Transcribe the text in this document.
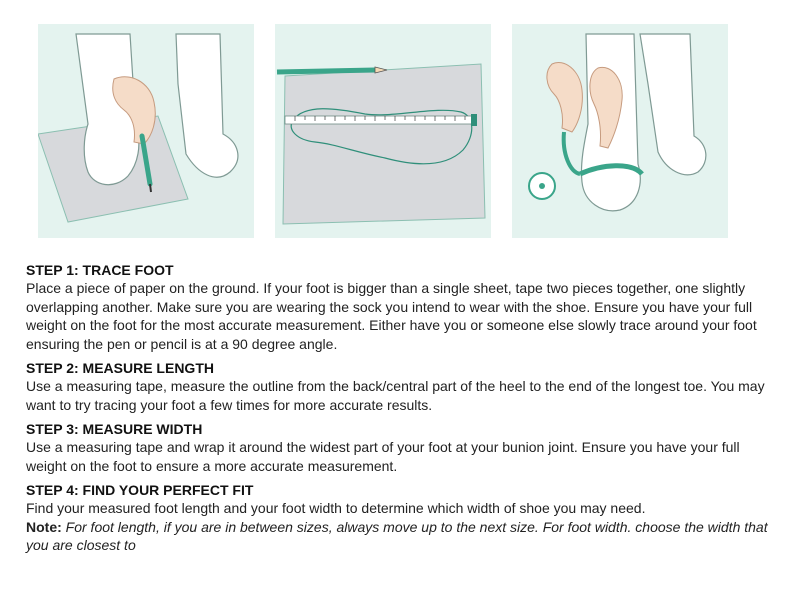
STEP 1: TRACE FOOT

Place a piece of paper on the ground. If your foot is bigger than a single sheet, tape two pieces together, one slightly overlapping another. Make sure you are wearing the sock you intend to wear with the shoe. Ensure you have your full weight on the foot for the most accurate measurement. Either have you or someone else slowly trace around your foot ensuring the pen or pencil is at a 90 degree angle.

STEP 2: MEASURE LENGTH

Use a measuring tape, measure the outline from the back/central part of the heel to the end of the longest toe. You may want to try tracing your foot a few times for more accurate results.

STEP 3: MEASURE WIDTH

Use a measuring tape and wrap it around the widest part of your foot at your bunion joint. Ensure you have your full weight on the foot to ensure a more accurate measurement.

STEP 4: FIND YOUR PERFECT FIT

Find your measured foot length and your foot width to determine which width of shoe you may need.

Note: For foot length, if you are in between sizes, always move up to the next size. For foot width. choose the width that you are closest to
